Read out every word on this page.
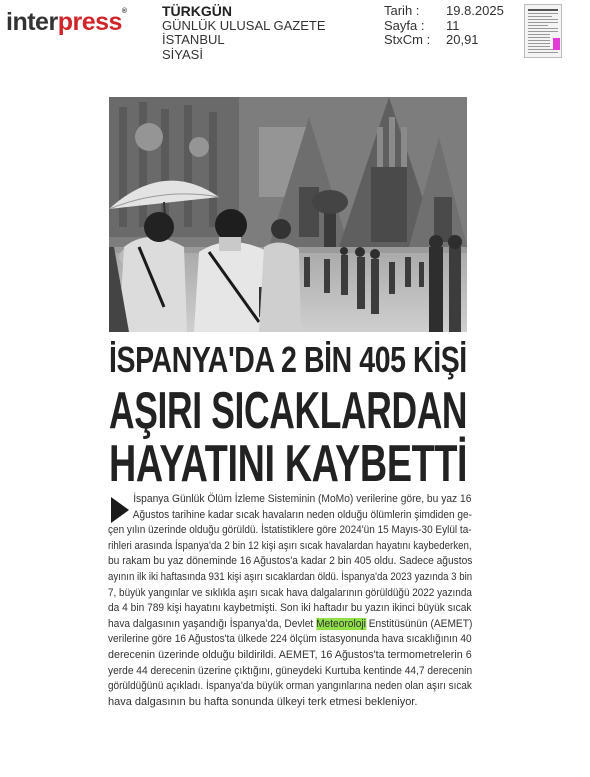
interpress®	TÜRKGÜN
GÜNLÜK ULUSAL GAZETE
İSTANBUL
SİYASİ
Tarih :	19.8.2025
Sayfa :	11
StxCm :	20,91
İSPANYA'DA 2 BİN 405 KİŞİ
AŞIRI SICAKLARDAN
HAYATINI KAYBETTİ
İspanya Günlük Ölüm İzleme Sisteminin (MoMo) verilerine göre, bu yaz 16
Ağustos tarihine kadar sıcak havaların neden olduğu ölümlerin şimdiden ge-
çen yılın üzerinde olduğu görüldü. İstatistiklere göre 2024'ün 15 Mayıs-30 Eylül ta-
rihleri arasında İspanya'da 2 bin 12 kişi aşırı sıcak havalardan hayatını kaybederken,
bu rakam bu yaz döneminde 16 Ağustos'a kadar 2 bin 405 oldu. Sadece ağustos
ayının ilk iki haftasında 931 kişi aşırı sıcaklardan öldü. İspanya'da 2023 yazında 3 bin
7, büyük yangınlar ve sıklıkla aşırı sıcak hava dalgalarının görüldüğü 2022 yazında
da 4 bin 789 kişi hayatını kaybetmişti. Son iki haftadır bu yazın ikinci büyük sıcak
hava dalgasının yaşandığı İspanya'da, Devlet Meteoroloji Enstitüsünün (AEMET)
verilerine göre 16 Ağustos'ta ülkede 224 ölçüm istasyonunda hava sıcaklığının 40
derecenin üzerinde olduğu bildirildi. AEMET, 16 Ağustos'ta termometrelerin 6
yerde 44 derecenin üzerine çıktığını, güneydeki Kurtuba kentinde 44,7 derecenin
görüldüğünü açıkladı. İspanya'da büyük orman yangınlarına neden olan aşırı sıcak
hava dalgasının bu hafta sonunda ülkeyi terk etmesi bekleniyor.
